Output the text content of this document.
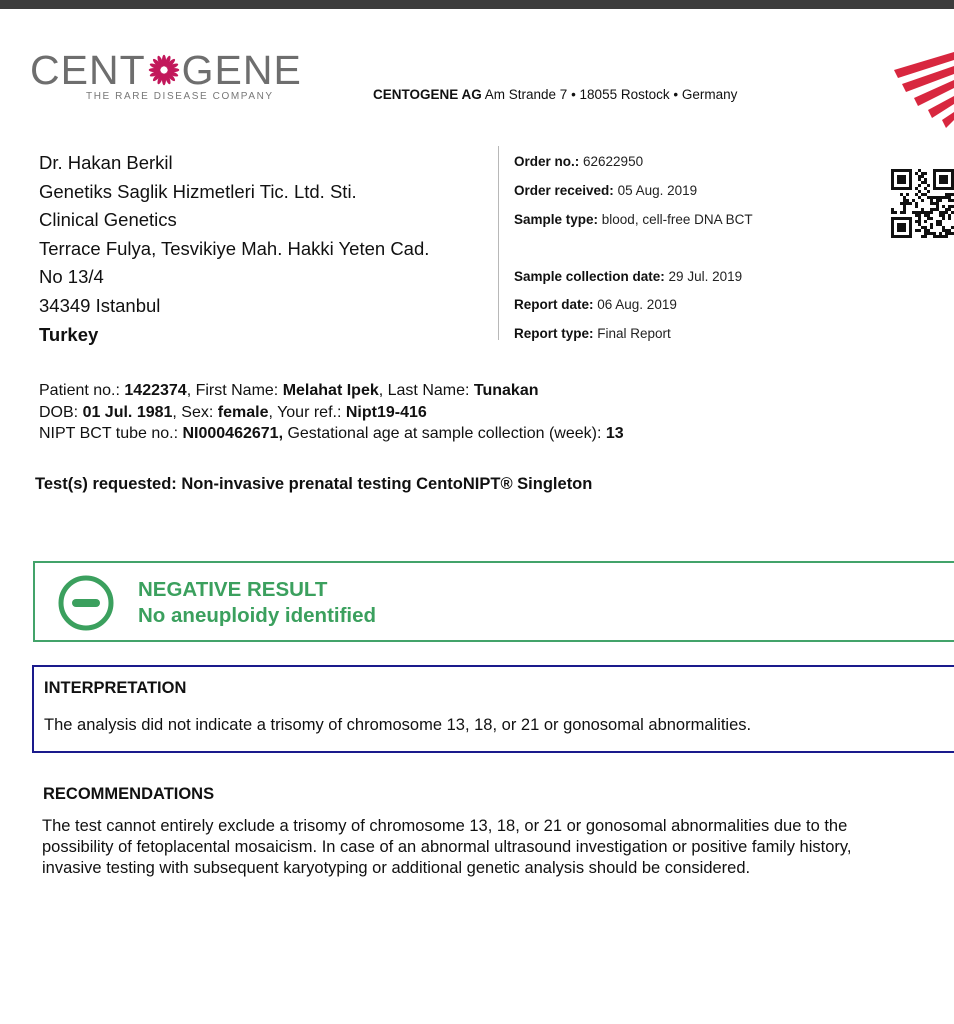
CENT GENE
THE RARE DISEASE COMPANY	CENTOGENE AG Am Strande 7 • 18055 Rostock • Germany
Dr. Hakan Berkil
Genetiks Saglik Hizmetleri Tic. Ltd. Sti.
Clinical Genetics
Terrace Fulya, Tesvikiye Mah. Hakki Yeten Cad.
No 13/4
34349 Istanbul
Turkey
Order no.: 62622950
Order received: 05 Aug. 2019
Sample type: blood, cell-free DNA BCT
Sample collection date: 29 Jul. 2019
Report date: 06 Aug. 2019
Report type: Final Report
Patient no.: 1422374, First Name: Melahat Ipek, Last Name: Tunakan
DOB: 01 Jul. 1981, Sex: female, Your ref.: Nipt19-416
NIPT BCT tube no.: NI000462671, Gestational age at sample collection (week): 13
Test(s) requested: Non-invasive prenatal testing CentoNIPT® Singleton
NEGATIVE RESULT
No aneuploidy identified
INTERPRETATION
The analysis did not indicate a trisomy of chromosome 13, 18, or 21 or gonosomal abnormalities.
RECOMMENDATIONS
The test cannot entirely exclude a trisomy of chromosome 13, 18, or 21 or gonosomal abnormalities due to the
possibility of fetoplacental mosaicism. In case of an abnormal ultrasound investigation or positive family history,
invasive testing with subsequent karyotyping or additional genetic analysis should be considered.
